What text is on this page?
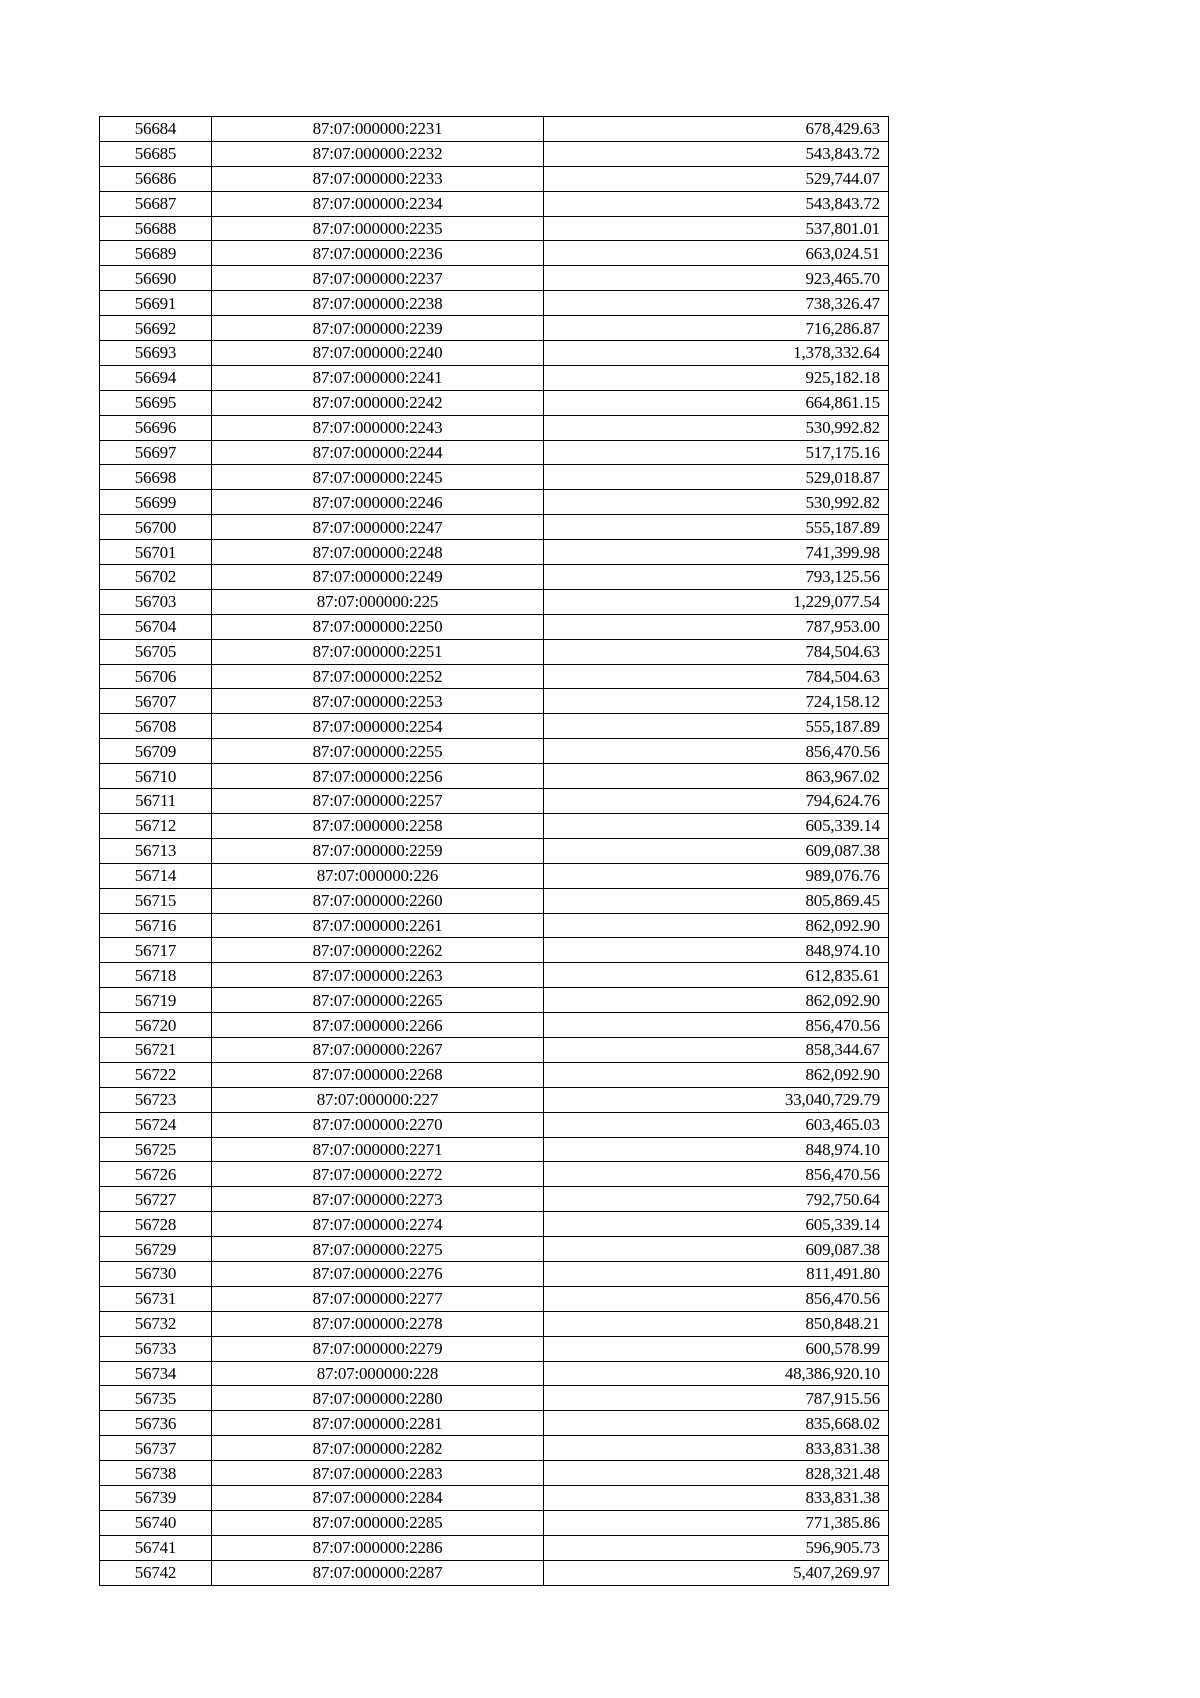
56684	87:07:000000:2231	678,429.63
56685	87:07:000000:2232	543,843.72
56686	87:07:000000:2233	529,744.07
56687	87:07:000000:2234	543,843.72
56688	87:07:000000:2235	537,801.01
56689	87:07:000000:2236	663,024.51
56690	87:07:000000:2237	923,465.70
56691	87:07:000000:2238	738,326.47
56692	87:07:000000:2239	716,286.87
56693	87:07:000000:2240	1,378,332.64
56694	87:07:000000:2241	925,182.18
56695	87:07:000000:2242	664,861.15
56696	87:07:000000:2243	530,992.82
56697	87:07:000000:2244	517,175.16
56698	87:07:000000:2245	529,018.87
56699	87:07:000000:2246	530,992.82
56700	87:07:000000:2247	555,187.89
56701	87:07:000000:2248	741,399.98
56702	87:07:000000:2249	793,125.56
56703	87:07:000000:225	1,229,077.54
56704	87:07:000000:2250	787,953.00
56705	87:07:000000:2251	784,504.63
56706	87:07:000000:2252	784,504.63
56707	87:07:000000:2253	724,158.12
56708	87:07:000000:2254	555,187.89
56709	87:07:000000:2255	856,470.56
56710	87:07:000000:2256	863,967.02
56711	87:07:000000:2257	794,624.76
56712	87:07:000000:2258	605,339.14
56713	87:07:000000:2259	609,087.38
56714	87:07:000000:226	989,076.76
56715	87:07:000000:2260	805,869.45
56716	87:07:000000:2261	862,092.90
56717	87:07:000000:2262	848,974.10
56718	87:07:000000:2263	612,835.61
56719	87:07:000000:2265	862,092.90
56720	87:07:000000:2266	856,470.56
56721	87:07:000000:2267	858,344.67
56722	87:07:000000:2268	862,092.90
56723	87:07:000000:227	33,040,729.79
56724	87:07:000000:2270	603,465.03
56725	87:07:000000:2271	848,974.10
56726	87:07:000000:2272	856,470.56
56727	87:07:000000:2273	792,750.64
56728	87:07:000000:2274	605,339.14
56729	87:07:000000:2275	609,087.38
56730	87:07:000000:2276	811,491.80
56731	87:07:000000:2277	856,470.56
56732	87:07:000000:2278	850,848.21
56733	87:07:000000:2279	600,578.99
56734	87:07:000000:228	48,386,920.10
56735	87:07:000000:2280	787,915.56
56736	87:07:000000:2281	835,668.02
56737	87:07:000000:2282	833,831.38
56738	87:07:000000:2283	828,321.48
56739	87:07:000000:2284	833,831.38
56740	87:07:000000:2285	771,385.86
56741	87:07:000000:2286	596,905.73
56742	87:07:000000:2287	5,407,269.97
